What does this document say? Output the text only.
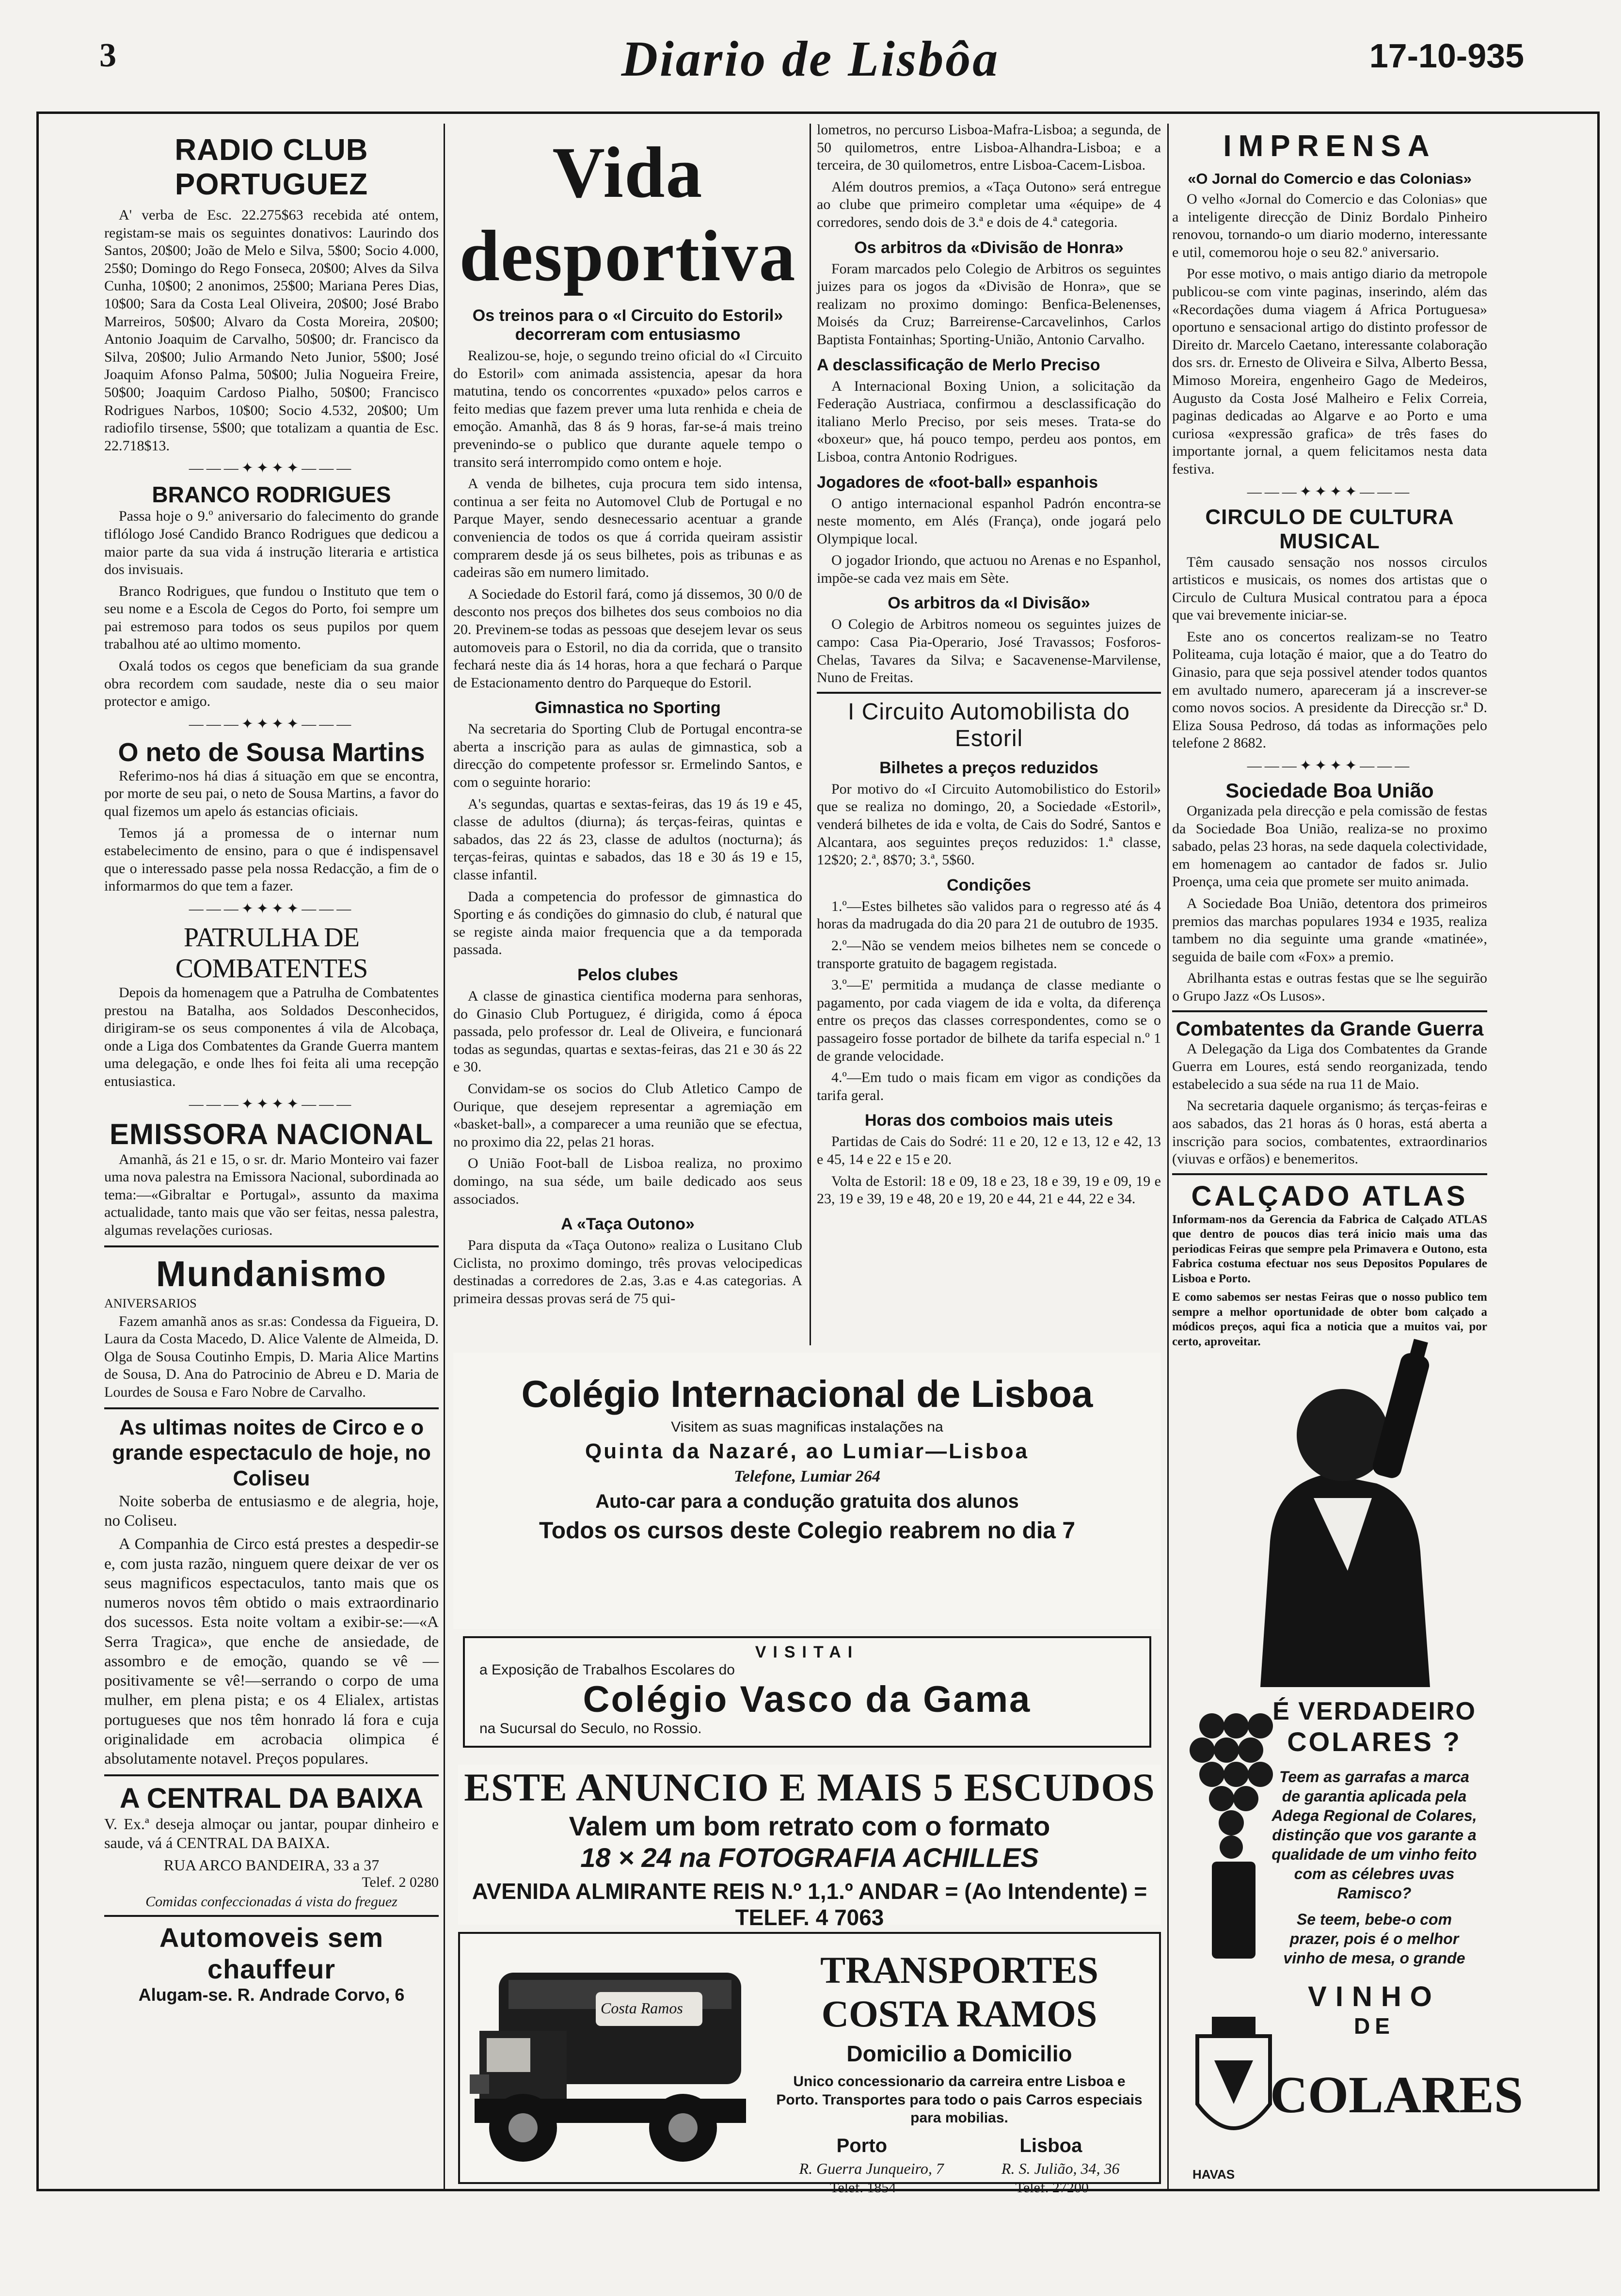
3	Diario de Lisbôa	17-10-935
RADIO CLUB PORTUGUEZ

A' verba de Esc. 22.275$63 recebida até ontem, registam-se mais os seguintes donativos: Laurindo dos Santos, 20$00; João de Melo e Silva, 5$00; Socio 4.000, 25$0; Domingo do Rego Fonseca, 20$00; Alves da Silva Cunha, 10$00; 2 anonimos, 25$00; Mariana Peres Dias, 10$00; Sara da Costa Leal Oliveira, 20$00; José Brabo Marreiros, 50$00; Alvaro da Costa Moreira, 20$00; Antonio Joaquim de Carvalho, 50$00; dr. Francisco da Silva, 20$00; Julio Armando Neto Junior, 5$00; José Joaquim Afonso Palma, 50$00; Julia Nogueira Freire, 50$00; Joaquim Cardoso Pialho, 50$00; Francisco Rodrigues Narbos, 10$00; Socio 4.532, 20$00; Um radiofilo tirsense, 5$00; que totalizam a quantia de Esc. 22.718$13.

———✦✦✦✦———
BRANCO RODRIGUES

Passa hoje o 9.º aniversario do falecimento do grande tiflólogo José Candido Branco Rodrigues que dedicou a maior parte da sua vida á instrução literaria e artistica dos invisuais.

Branco Rodrigues, que fundou o Instituto que tem o seu nome e a Escola de Cegos do Porto, foi sempre um pai estremoso para todos os seus pupilos por quem trabalhou até ao ultimo momento.

Oxalá todos os cegos que beneficiam da sua grande obra recordem com saudade, neste dia o seu maior protector e amigo.

———✦✦✦✦———
O neto de Sousa Martins

Referimo-nos há dias á situação em que se encontra, por morte de seu pai, o neto de Sousa Martins, a favor do qual fizemos um apelo ás estancias oficiais.

Temos já a promessa de o internar num estabelecimento de ensino, para o que é indispensavel que o interessado passe pela nossa Redacção, a fim de o informarmos do que tem a fazer.

———✦✦✦✦———
PATRULHA DE COMBATENTES

Depois da homenagem que a Patrulha de Combatentes prestou na Batalha, aos Soldados Desconhecidos, dirigiram-se os seus componentes á vila de Alcobaça, onde a Liga dos Combatentes da Grande Guerra mantem uma delegação, e onde lhes foi feita ali uma recepção entusiastica.

———✦✦✦✦———
EMISSORA NACIONAL

Amanhã, ás 21 e 15, o sr. dr. Mario Monteiro vai fazer uma nova palestra na Emissora Nacional, subordinada ao tema:—«Gibraltar e Portugal», assunto da maxima actualidade, tanto mais que vão ser feitas, nessa palestra, algumas revelações curiosas.

Mundanismo
ANIVERSARIOS

Fazem amanhã anos as sr.as: Condessa da Figueira, D. Laura da Costa Macedo, D. Alice Valente de Almeida, D. Olga de Sousa Coutinho Empis, D. Maria Alice Martins de Sousa, D. Ana do Patrocinio de Abreu e D. Maria de Lourdes de Sousa e Faro Nobre de Carvalho.

As ultimas noites de Circo e o grande espectaculo de hoje, no Coliseu

Noite soberba de entusiasmo e de alegria, hoje, no Coliseu.

A Companhia de Circo está prestes a despedir-se e, com justa razão, ninguem quere deixar de ver os seus magnificos espectaculos, tanto mais que os numeros novos têm obtido o mais extraordinario dos sucessos. Esta noite voltam a exibir-se:—«A Serra Tragica», que enche de ansiedade, de assombro e de emoção, quando se vê —positivamente se vê!—serrando o corpo de uma mulher, em plena pista; e os 4 Elialex, artistas portugueses que nos têm honrado lá fora e cuja originalidade em acrobacia olimpica é absolutamente notavel. Preços populares.

A CENTRAL DA BAIXA

V. Ex.ª deseja almoçar ou jantar, poupar dinheiro e saude, vá á CENTRAL DA BAIXA.

RUA ARCO BANDEIRA, 33 a 37
Telef. 2 0280
Comidas confeccionadas á vista do freguez
Automoveis sem chauffeur
Alugam-se. R. Andrade Corvo, 6
Vida desportiva
Os treinos para o «I Circuito do Estoril» decorreram com entusiasmo

Realizou-se, hoje, o segundo treino oficial do «I Circuito do Estoril» com animada assistencia, apesar da hora matutina, tendo os concorrentes «puxado» pelos carros e feito medias que fazem prever uma luta renhida e cheia de emoção. Amanhã, das 8 ás 9 horas, far-se-á mais treino prevenindo-se o publico que durante aquele tempo o transito será interrompido como ontem e hoje.

A venda de bilhetes, cuja procura tem sido intensa, continua a ser feita no Automovel Club de Portugal e no Parque Mayer, sendo desnecessario acentuar a grande conveniencia de todos os que á corrida queiram assistir comprarem desde já os seus bilhetes, pois as tribunas e as cadeiras são em numero limitado.

A Sociedade do Estoril fará, como já dissemos, 30 0/0 de desconto nos preços dos bilhetes dos seus comboios no dia 20. Previnem-se todas as pessoas que desejem levar os seus automoveis para o Estoril, no dia da corrida, que o transito fechará neste dia ás 14 horas, hora a que fechará o Parque de Estacionamento dentro do Parqueque do Estoril.

Gimnastica no Sporting

Na secretaria do Sporting Club de Portugal encontra-se aberta a inscrição para as aulas de gimnastica, sob a direcção do competente professor sr. Ermelindo Santos, e com o seguinte horario:

A's segundas, quartas e sextas-feiras, das 19 ás 19 e 45, classe de adultos (diurna); ás terças-feiras, quintas e sabados, das 22 ás 23, classe de adultos (nocturna); ás terças-feiras, quintas e sabados, das 18 e 30 ás 19 e 15, classe infantil.

Dada a competencia do professor de gimnastica do Sporting e ás condições do gimnasio do club, é natural que se registe ainda maior frequencia que a da temporada passada.

Pelos clubes

A classe de ginastica cientifica moderna para senhoras, do Ginasio Club Portuguez, é dirigida, como á época passada, pelo professor dr. Leal de Oliveira, e funcionará todas as segundas, quartas e sextas-feiras, das 21 e 30 ás 22 e 30.

Convidam-se os socios do Club Atletico Campo de Ourique, que desejem representar a agremiação em «basket-ball», a comparecer a uma reunião que se efectua, no proximo dia 22, pelas 21 horas.

O União Foot-ball de Lisboa realiza, no proximo domingo, na sua séde, um baile dedicado aos seus associados.

A «Taça Outono»

Para disputa da «Taça Outono» realiza o Lusitano Club Ciclista, no proximo domingo, três provas velocipedicas destinadas a corredores de 2.as, 3.as e 4.as categorias. A primeira dessas provas será de 75 qui-

lometros, no percurso Lisboa-Mafra-Lisboa; a segunda, de 50 quilometros, entre Lisboa-Alhandra-Lisboa; e a terceira, de 30 quilometros, entre Lisboa-Cacem-Lisboa.

Além doutros premios, a «Taça Outono» será entregue ao clube que primeiro completar uma «équipe» de 4 corredores, sendo dois de 3.ª e dois de 4.ª categoria.

Os arbitros da «Divisão de Honra»

Foram marcados pelo Colegio de Arbitros os seguintes juizes para os jogos da «Divisão de Honra», que se realizam no proximo domingo: Benfica-Belenenses, Moisés da Cruz; Barreirense-Carcavelinhos, Carlos Baptista Fontainhas; Sporting-União, Antonio Carvalho.

A desclassificação de Merlo Preciso

A Internacional Boxing Union, a solicitação da Federação Austriaca, confirmou a desclassificação do italiano Merlo Preciso, por seis meses. Trata-se do «boxeur» que, há pouco tempo, perdeu aos pontos, em Lisboa, contra Antonio Rodrigues.

Jogadores de «foot-ball» espanhois

O antigo internacional espanhol Padrón encontra-se neste momento, em Alés (França), onde jogará pelo Olympique local.

O jogador Iriondo, que actuou no Arenas e no Espanhol, impõe-se cada vez mais em Sète.

Os arbitros da «I Divisão»

O Colegio de Arbitros nomeou os seguintes juizes de campo: Casa Pia-Operario, José Travassos; Fosforos-Chelas, Tavares da Silva; e Sacavenense-Marvilense, Nuno de Freitas.

I Circuito Automobilista do Estoril
Bilhetes a preços reduzidos

Por motivo do «I Circuito Automobilistico do Estoril» que se realiza no domingo, 20, a Sociedade «Estoril», venderá bilhetes de ida e volta, de Cais do Sodré, Santos e Alcantara, aos seguintes preços reduzidos: 1.ª classe, 12$20; 2.ª, 8$70; 3.ª, 5$60.

Condições

1.º—Estes bilhetes são validos para o regresso até ás 4 horas da madrugada do dia 20 para 21 de outubro de 1935.

2.º—Não se vendem meios bilhetes nem se concede o transporte gratuito de bagagem registada.

3.º—E' permitida a mudança de classe mediante o pagamento, por cada viagem de ida e volta, da diferença entre os preços das classes correspondentes, como se o passageiro fosse portador de bilhete da tarifa especial n.º 1 de grande velocidade.

4.º—Em tudo o mais ficam em vigor as condições da tarifa geral.

Horas dos comboios mais uteis

Partidas de Cais do Sodré: 11 e 20, 12 e 13, 12 e 42, 13 e 45, 14 e 22 e 15 e 20.

Volta de Estoril: 18 e 09, 18 e 23, 18 e 39, 19 e 09, 19 e 23, 19 e 39, 19 e 48, 20 e 19, 20 e 44, 21 e 44, 22 e 34.

IMPRENSA
«O Jornal do Comercio e das Colonias»

O velho «Jornal do Comercio e das Colonias» que a inteligente direcção de Diniz Bordalo Pinheiro renovou, tornando-o um diario moderno, interessante e util, comemorou hoje o seu 82.º aniversario.

Por esse motivo, o mais antigo diario da metropole publicou-se com vinte paginas, inserindo, além das «Recordações duma viagem á Africa Portuguesa» oportuno e sensacional artigo do distinto professor de Direito dr. Marcelo Caetano, interessante colaboração dos srs. dr. Ernesto de Oliveira e Silva, Alberto Bessa, Mimoso Moreira, engenheiro Gago de Medeiros, Augusto da Costa José Malheiro e Felix Correia, paginas dedicadas ao Algarve e ao Porto e uma curiosa «expressão grafica» de três fases do importante jornal, a quem felicitamos nesta data festiva.

———✦✦✦✦———
CIRCULO DE CULTURA MUSICAL

Têm causado sensação nos nossos circulos artisticos e musicais, os nomes dos artistas que o Circulo de Cultura Musical contratou para a época que vai brevemente iniciar-se.

Este ano os concertos realizam-se no Teatro Politeama, cuja lotação é maior, que a do Teatro do Ginasio, para que seja possivel atender todos quantos em avultado numero, apareceram já a inscrever-se como novos socios. A presidente da Direcção sr.ª D. Eliza Sousa Pedroso, dá todas as informações pelo telefone 2 8682.

———✦✦✦✦———
Sociedade Boa União

Organizada pela direcção e pela comissão de festas da Sociedade Boa União, realiza-se no proximo sabado, pelas 23 horas, na sede daquela colectividade, em homenagem ao cantador de fados sr. Julio Proença, uma ceia que promete ser muito animada.

A Sociedade Boa União, detentora dos primeiros premios das marchas populares 1934 e 1935, realiza tambem no dia seguinte uma grande «matinée», seguida de baile com «Fox» a premio.

Abrilhanta estas e outras festas que se lhe seguirão o Grupo Jazz «Os Lusos».

Combatentes da Grande Guerra

A Delegação da Liga dos Combatentes da Grande Guerra em Loures, está sendo reorganizada, tendo estabelecido a sua séde na rua 11 de Maio.

Na secretaria daquele organismo; ás terças-feiras e aos sabados, das 21 horas ás 0 horas, está aberta a inscrição para socios, combatentes, extraordinarios (viuvas e orfãos) e benemeritos.

CALÇADO ATLAS

Informam-nos da Gerencia da Fabrica de Calçado ATLAS que dentro de poucos dias terá inicio mais uma das periodicas Feiras que sempre pela Primavera e Outono, esta Fabrica costuma efectuar nos seus Depositos Populares de Lisboa e Porto.

E como sabemos ser nestas Feiras que o nosso publico tem sempre a melhor oportunidade de obter bom calçado a módicos preços, aqui fica a noticia que a muitos vai, por certo, aproveitar.

Colégio Internacional de Lisboa
Visitem as suas magnificas instalações na
Quinta da Nazaré, ao Lumiar—Lisboa
Telefone, Lumiar 264
Auto-car para a condução gratuita dos alunos
Todos os cursos deste Colegio reabrem no dia 7
VISITAI
a Exposição de Trabalhos Escolares do
Colégio Vasco da Gama
na Sucursal do Seculo, no Rossio.
ESTE ANUNCIO E MAIS 5 ESCUDOS
Valem um bom retrato com o formato
18 × 24 na FOTOGRAFIA ACHILLES
AVENIDA ALMIRANTE REIS N.º 1,1.º ANDAR = (Ao Intendente) = TELEF. 4 7063
Costa Ramos
TRANSPORTES COSTA RAMOS
Domicilio a Domicilio
Unico concessionario da carreira entre Lisboa e Porto. Transportes para todo o pais Carros especiais para mobilias.
Porto	Lisboa
R. Guerra Junqueiro, 7	R. S. Julião, 34, 36
Telef. 1854	Telef. 27200
É VERDADEIRO
COLARES ?
Teem as garrafas a marca de garantia aplicada pela Adega Regional de Colares, distinção que vos garante a qualidade de um vinho feito com as célebres uvas Ramisco?
Se teem, bebe-o com prazer, pois é o melhor vinho de mesa, o grande
VINHO
DE
COLARES
HAVAS
